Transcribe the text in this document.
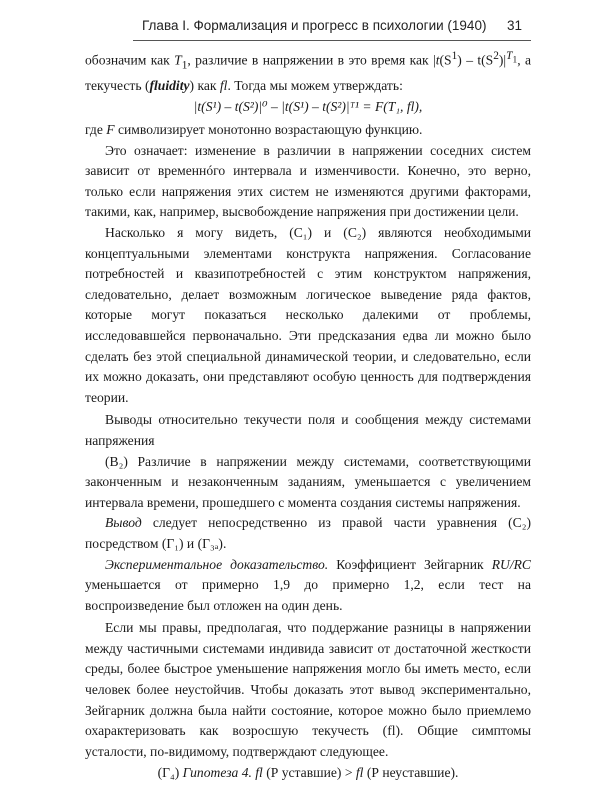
Глава I. Формализация и прогресс в психологии (1940) 31

обозначим как $T_1$, различие в напряжении в это время как $|t(S^1) - t(S^2)|^{T_1}$, а текучесть (fluidity) как fl. Тогда мы можем утверждать:

|t(S¹) – t(S²)|⁰ – |t(S¹) – t(S²)|ᵀ¹ = F(T₁, fl),

где F символизирует монотонно возрастающую функцию.

Это означает: изменение в различии в напряжении соседних систем зависит от временнóго интервала и изменчивости. Конечно, это верно, только если напряжения этих систем не изменяются другими факторами, такими, как, например, высвобождение напряжения при достижении цели.

Насколько я могу видеть, (C₁) и (C₂) являются необходимыми концептуальными элементами конструкта напряжения. Согласование потребностей и квазипотребностей с этим конструктом напряжения, следовательно, делает возможным логическое выведение ряда фактов, которые могут показаться несколько далекими от проблемы, исследовавшейся первоначально. Эти предсказания едва ли можно было сделать без этой специальной динамической теории, и следовательно, если их можно доказать, они представляют особую ценность для подтверждения теории.

Выводы относительно текучести поля и сообщения между системами напряжения

(B₂) Различие в напряжении между системами, соответствующими законченным и незаконченным заданиям, уменьшается с увеличением интервала времени, прошедшего с момента создания системы напряжения.

Вывод следует непосредственно из правой части уравнения (C₂) посредством (Г₁) и (Г₃ₐ).

Экспериментальное доказательство. Коэффициент Зейгарник RU/RC уменьшается от примерно 1,9 до примерно 1,2, если тест на воспроизведение был отложен на один день.

Если мы правы, предполагая, что поддержание разницы в напряжении между частичными системами индивида зависит от достаточной жесткости среды, более быстрое уменьшение напряжения могло бы иметь место, если человек более неустойчив. Чтобы доказать этот вывод экспериментально, Зейгарник должна была найти состояние, которое можно было приемлемо охарактеризовать как возросшую текучесть (fl). Общие симптомы усталости, по-видимому, подтверждают следующее.

(Г₄) Гипотеза 4. fl (Р уставшие) > fl (Р неуставшие).
